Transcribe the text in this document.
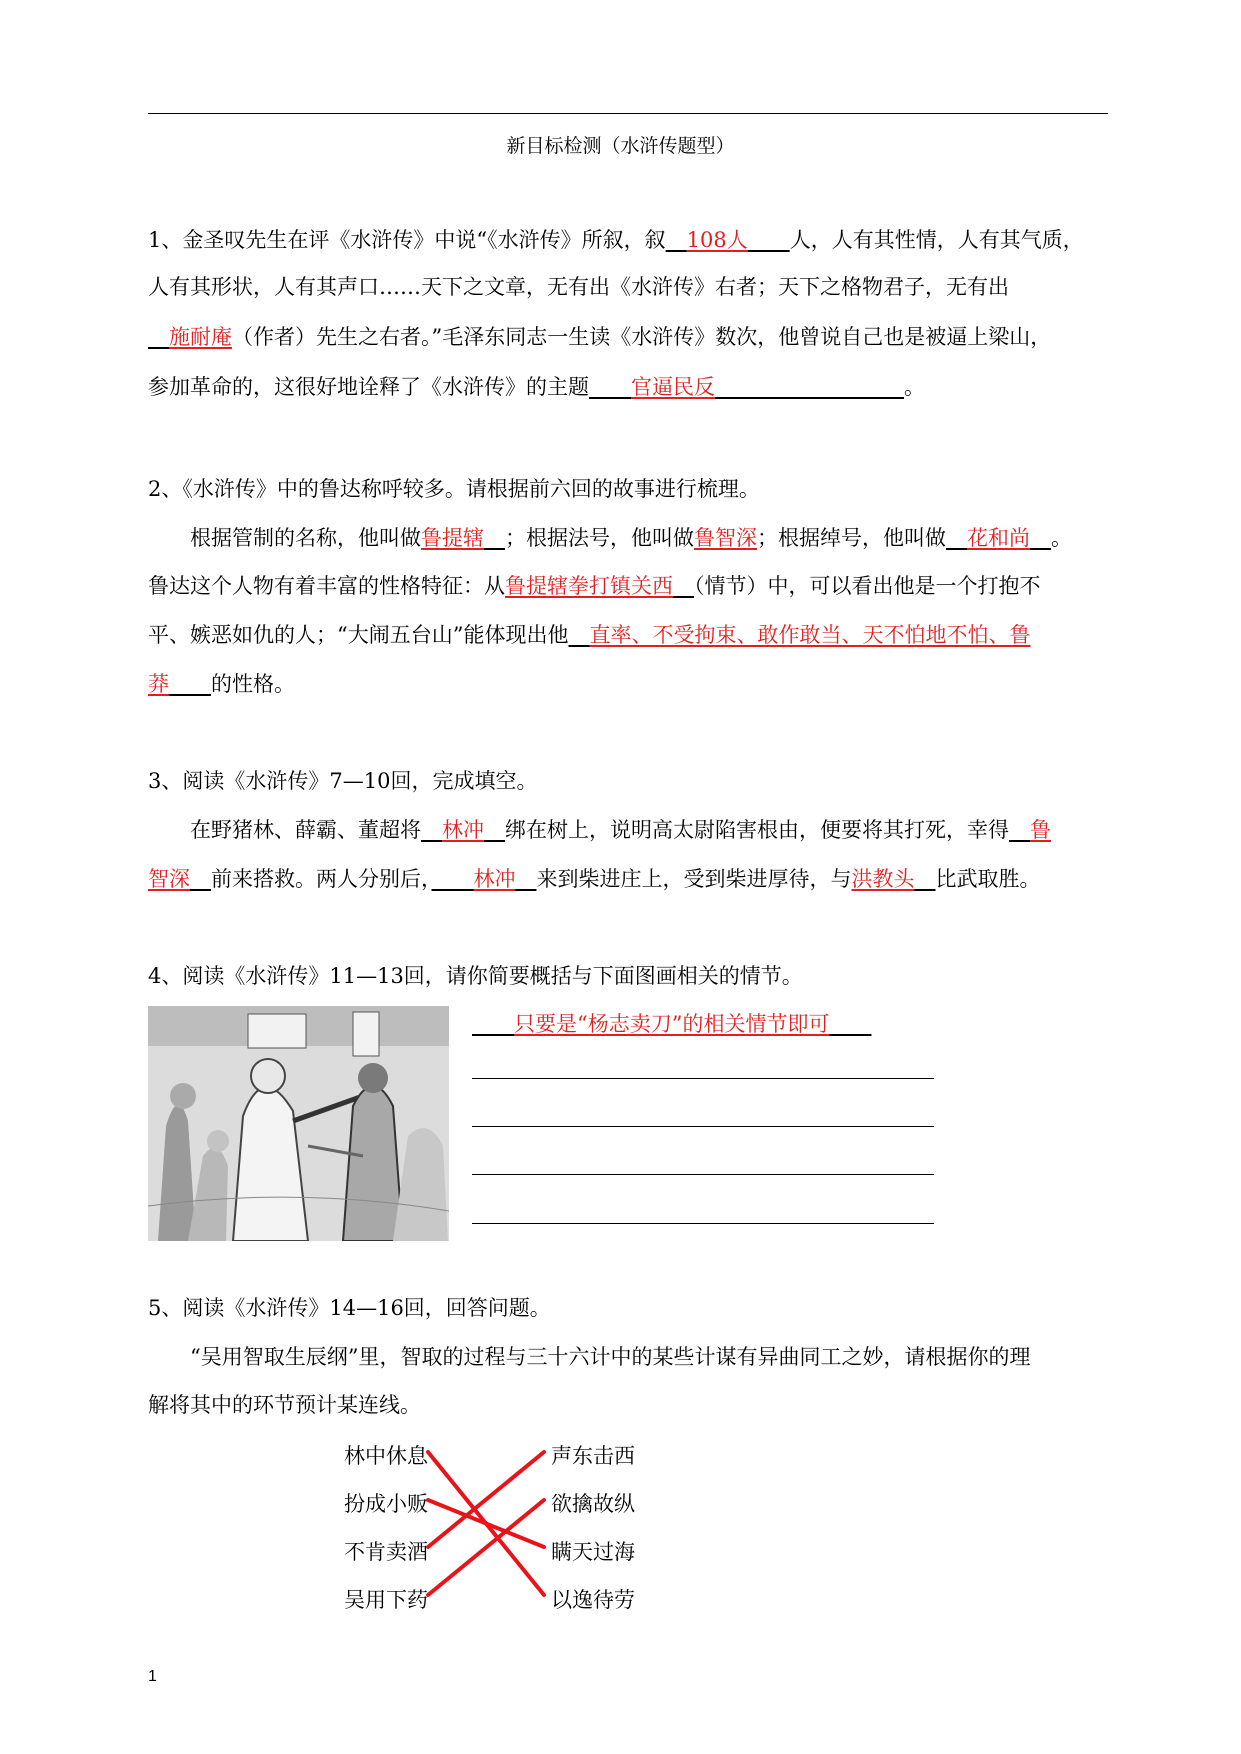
新目标检测（水浒传题型）
1、金圣叹先生在评《水浒传》中说“《水浒传》所叙，叙　 108人　　 人，人有其性情，人有其气质，
人有其形状，人有其声口……天下之文章，无有出《水浒传》右者；天下之格物君子，无有出
　施耐庵（作者）先生之右者。”毛泽东同志一生读《水浒传》数次，他曾说自己也是被逼上梁山，
参加革命的，这很好地诠释了《水浒传》的主题　　 官逼民反　　　　　　　　　	。
2、《水浒传》中的鲁达称呼较多。请根据前六回的故事进行梳理。
根据管制的名称，他叫做鲁提辖　 ；根据法号，他叫做鲁智深；根据绰号，他叫做　 花和尚　 。
鲁达这个人物有着丰富的性格特征：从鲁提辖拳打镇关西　 （情节）中，可以看出他是一个打抱不
平、嫉恶如仇的人；“大闹五台山”能体现出他　 直率、不受拘束、敢作敢当、天不怕地不怕、鲁
莽　　 的性格。
3、阅读《水浒传》7—10回，完成填空。
在野猪林、薛霸、董超将　 林冲　 绑在树上，说明高太尉陷害根由，便要将其打死，幸得　 鲁
智深　 前来搭救。两人分别后，　　 林冲　 来到柴进庄上，受到柴进厚待，与洪教头　 比武取胜。
4、阅读《水浒传》11—13回，请你简要概括与下面图画相关的情节。
　　只要是“杨志卖刀”的相关情节即可　　
5、阅读《水浒传》14—16回，回答问题。
“吴用智取生辰纲”里，智取的过程与三十六计中的某些计谋有异曲同工之妙，请根据你的理
解将其中的环节预计某连线。
林中休息
扮成小贩
不肯卖酒
吴用下药
声东击西
欲擒故纵
瞒天过海
以逸待劳
1
